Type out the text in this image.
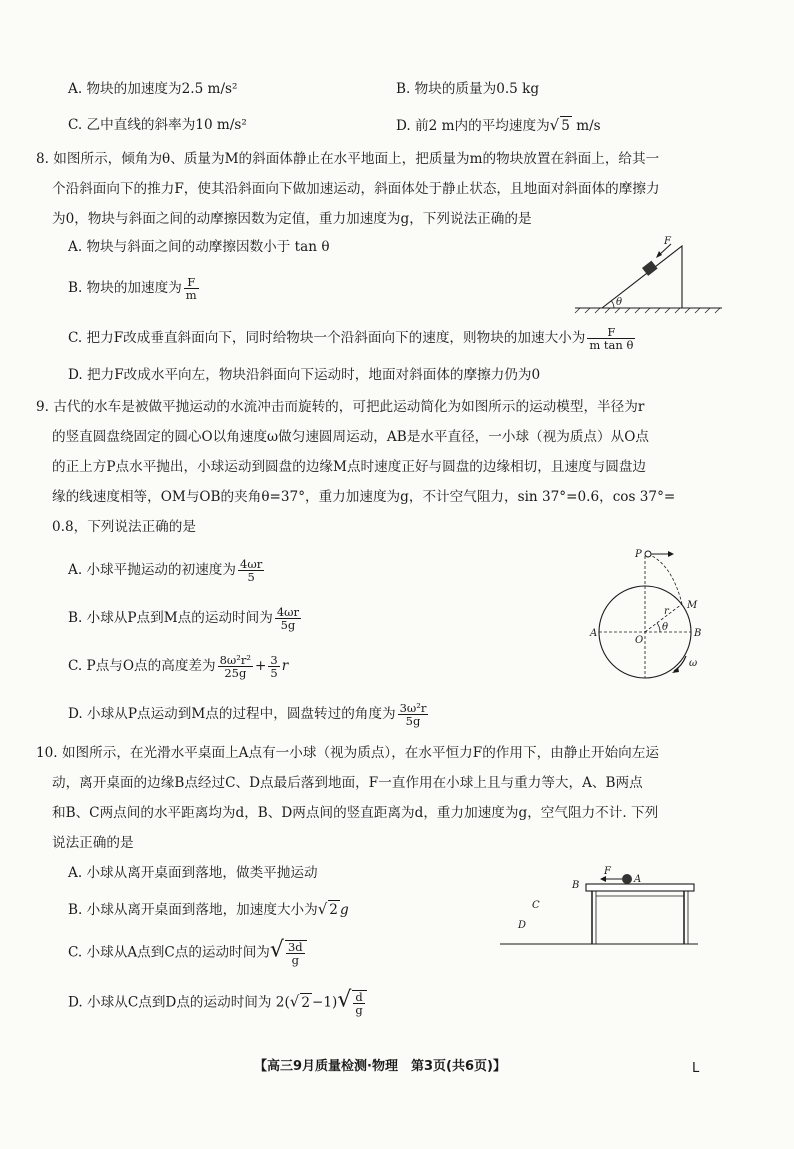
A. 物块的加速度为2.5 m/s²	B. 物块的质量为0.5 kg
C. 乙中直线的斜率为10 m/s²	D. 前2 m内的平均速度为√ 5 m/s
8. 如图所示，倾角为θ、质量为M的斜面体静止在水平地面上，把质量为m的物块放置在斜面上，给其一
个沿斜面向下的推力F，使其沿斜面向下做加速运动，斜面体处于静止状态，且地面对斜面体的摩擦力
为0，物块与斜面之间的动摩擦因数为定值，重力加速度为g，下列说法正确的是
A. 物块与斜面之间的动摩擦因数小于 tan θ
B. 物块的加速度为 $\frac{F}{m}$
C. 把力F改成垂直斜面向下，同时给物块一个沿斜面向下的速度，则物块的加速大小为 $\frac{F}{\text{m tan θ}}$
D. 把力F改成水平向左，物块沿斜面向下运动时，地面对斜面体的摩擦力仍为0
F
θ
9. 古代的水车是被做平抛运动的水流冲击而旋转的，可把此运动简化为如图所示的运动模型，半径为r
的竖直圆盘绕固定的圆心O以角速度ω做匀速圆周运动，AB是水平直径，一小球（视为质点）从O点
的正上方P点水平抛出，小球运动到圆盘的边缘M点时速度正好与圆盘的边缘相切，且速度与圆盘边
缘的线速度相等，OM与OB的夹角θ=37°，重力加速度为g，不计空气阻力，sin 37°=0.6，cos 37°=
0.8，下列说法正确的是
A. 小球平抛运动的初速度为 $\frac{4\omega r}{5}$
B. 小球从P点到M点的运动时间为 $\frac{4\omega r}{5g}$
C. P点与O点的高度差为 $\frac{\text{8ω²r²}}{25g} + \frac{3}{5}$ r
D. 小球从P点运动到M点的过程中，圆盘转过的角度为 $\frac{\text{3ω²r}}{5g}$
P
M
r
θ
A
O
B
ω
10. 如图所示，在光滑水平桌面上A点有一小球（视为质点），在水平恒力F的作用下，由静止开始向左运
动，离开桌面的边缘B点经过C、D点最后落到地面，F一直作用在小球上且与重力等大，A、B两点
和B、C两点间的水平距离均为d，B、D两点间的竖直距离为d，重力加速度为g，空气阻力不计. 下列
说法正确的是
A. 小球从离开桌面到落地，做类平抛运动
B. 小球从离开桌面到落地，加速度大小为√ 2 g
C. 小球从A点到C点的运动时间为√ $\frac{3d}{g}$
D. 小球从C点到D点的运动时间为 2(√ $2 -1)√ \frac{d}{g}$
F
A
B
C
D
【高三9月质量检测·物理　第3页(共6页)】	L
